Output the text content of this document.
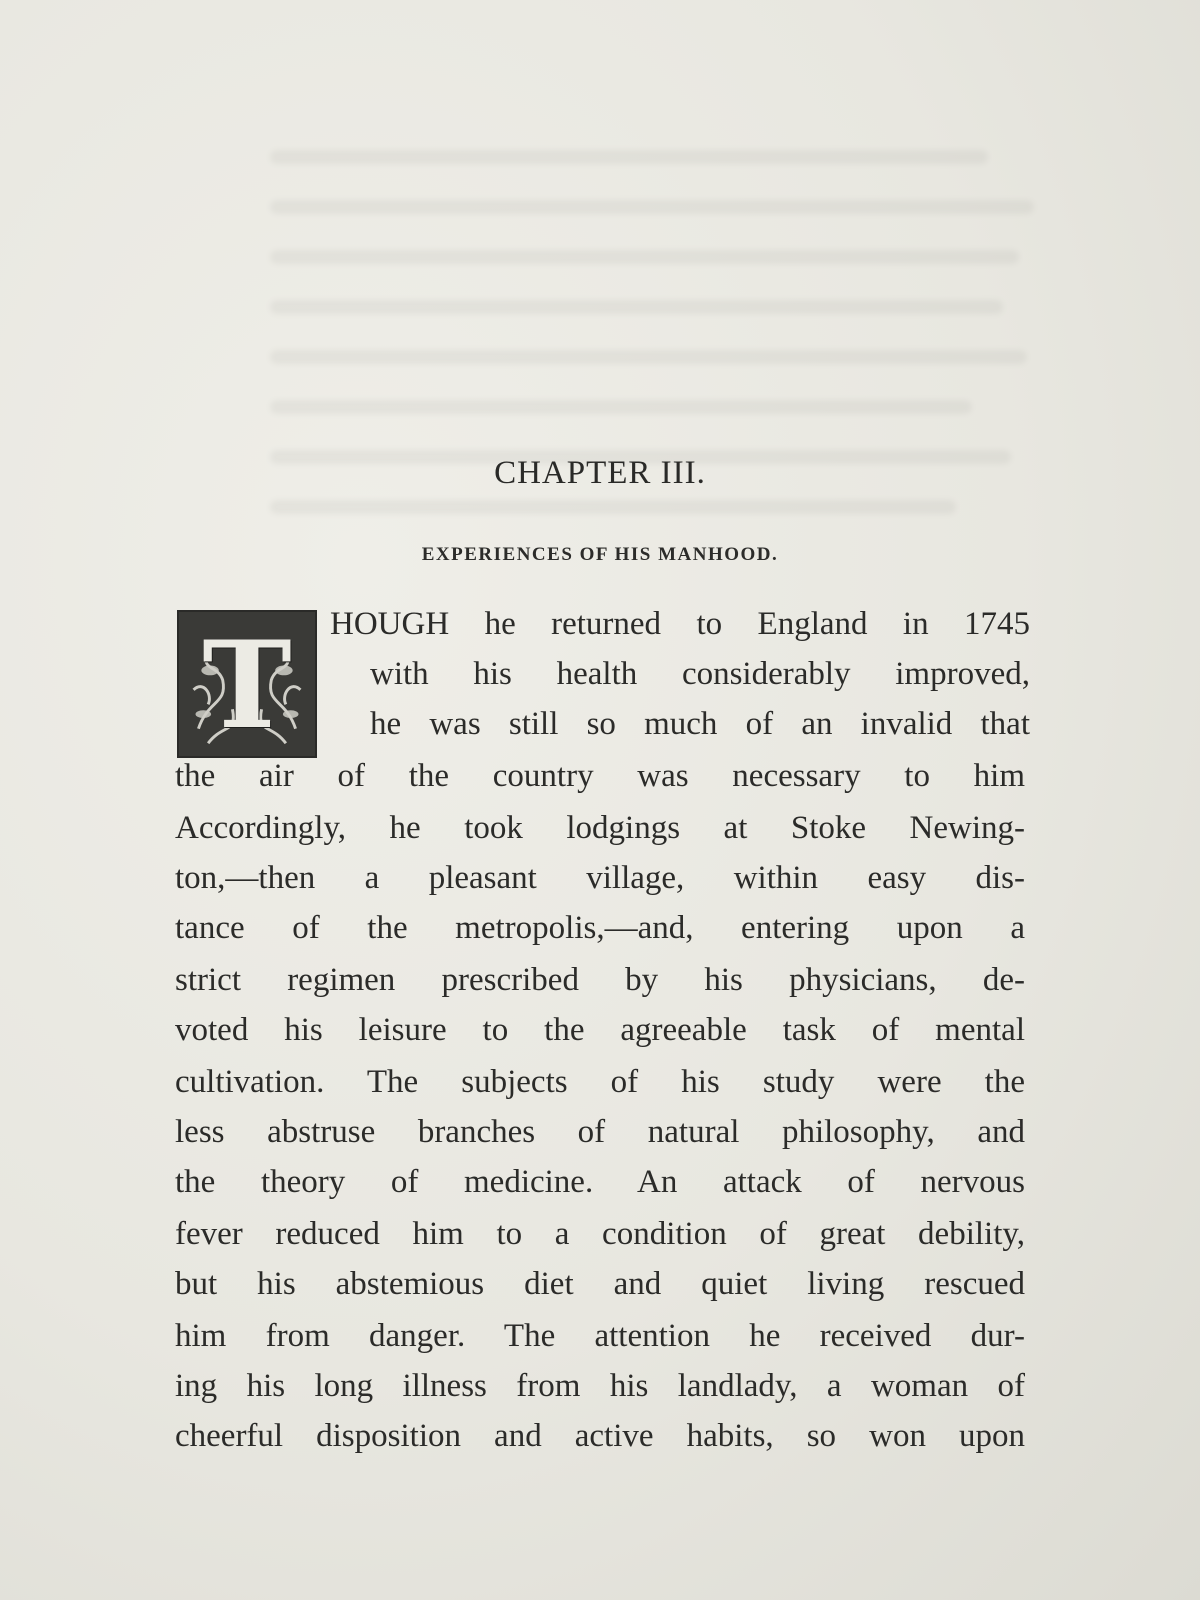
CHAPTER III.
EXPERIENCES OF HIS MANHOOD.
T	HOUGH he returned to England in 1745

with his health considerably improved,

he was still so much of an invalid that

the air of the country was necessary to him

Accordingly, he took lodgings at Stoke Newing-

ton,—then a pleasant village, within easy dis-

tance of the metropolis,—and, entering upon a

strict regimen prescribed by his physicians, de-

voted his leisure to the agreeable task of mental

cultivation. The subjects of his study were the

less abstruse branches of natural philosophy, and

the theory of medicine. An attack of nervous

fever reduced him to a condition of great debility,

but his abstemious diet and quiet living rescued

him from danger. The attention he received dur-

ing his long illness from his landlady, a woman of

cheerful disposition and active habits, so won upon
